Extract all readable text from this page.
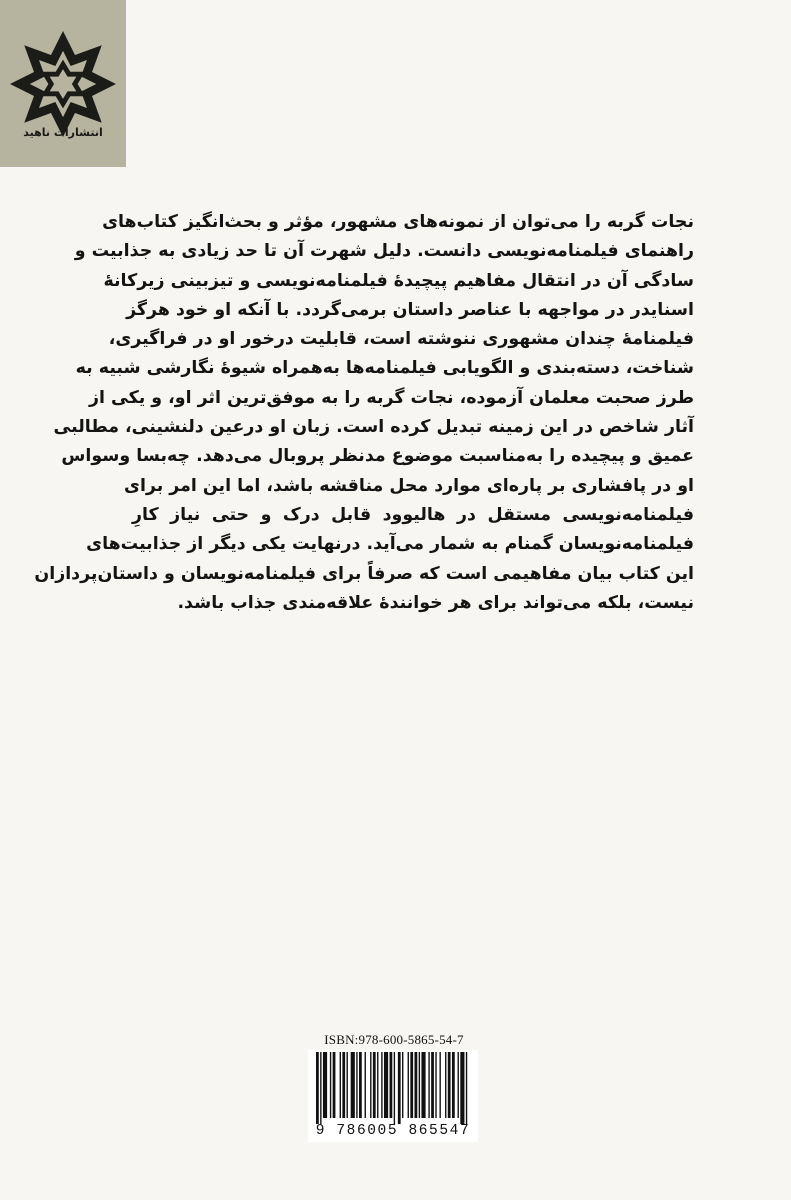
انتشارات ناهید
نجات گربه را می‌توان از نمونه‌های مشهور، مؤثر و بحث‌انگیز کتاب‌های
راهنمای فیلمنامه‌نویسی دانست. دلیل شهرت آن تا حد زیادی به جذابیت و
سادگی آن در انتقال مفاهیم پیچیدهٔ فیلمنامه‌نویسی و تیزبینی زیرکانهٔ
اسنایدر در مواجهه با عناصر داستان برمی‌گردد. با آنکه او خود هرگز
فیلمنامهٔ چندان مشهوری ننوشته است، قابلیت درخور او در فراگیری،
شناخت، دسته‌بندی و الگویابی فیلمنامه‌ها به‌همراه شیوهٔ نگارشی شبیه به
طرز صحبت معلمان آزموده، نجات گربه را به موفق‌ترین اثر او، و یکی از
آثار شاخص در این زمینه تبدیل کرده است. زبان او درعین دلنشینی، مطالبی
عمیق و پیچیده را به‌مناسبت موضوع مدنظر پروبال می‌دهد. چه‌بسا وسواس
او در پافشاری بر پاره‌ای موارد محل مناقشه باشد، اما این امر برای
فیلمنامه‌نویسی مستقل در هالیوود قابل درک و حتی نیاز کارِ
فیلمنامه‌نویسان گمنام به شمار می‌آید. درنهایت یکی دیگر از جذابیت‌های
این کتاب بیان مفاهیمی است که صرفاً برای فیلمنامه‌نویسان و داستان‌پردازان
نیست، بلکه می‌تواند برای هر خوانندهٔ علاقه‌مندی جذاب باشد.
ISBN:978-600-5865-54-7
9 786005 865547
